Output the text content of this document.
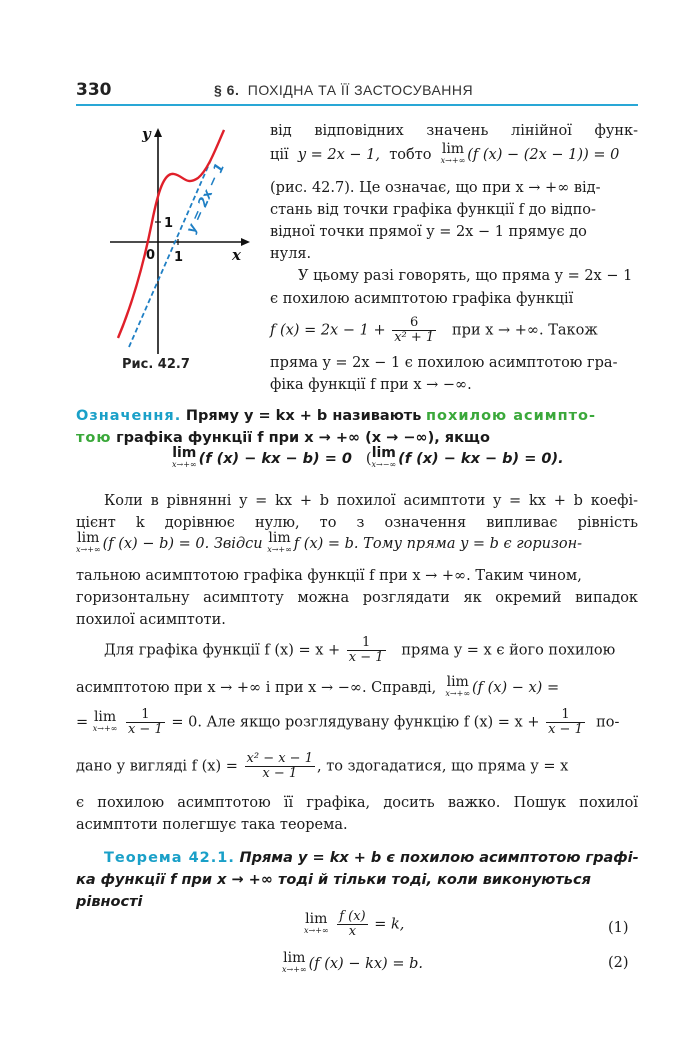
330	§ 6. ПОХІДНА ТА ЇЇ ЗАСТОСУВАННЯ
y
x
0 1
1 y = 2x − 1
Рис. 42.7
від відповідних значень лінійної функ-
ції y = 2x − 1, тобто lim
x→+∞ (f (x) − (2x − 1)) = 0
(рис. 42.7). Це означає, що при x → +∞ від-
стань від точки графіка функції f до відпо-
відної точки прямої y = 2x − 1 прямує до
нуля.
У цьому разі говорять, що пряма y = 2x − 1
є похилою асимптотою графіка функції
f $(x) = 2x - 1 + \frac{6}{\text{x² + 1}}$ при x → +∞. Також
пряма y = 2x − 1 є похилою асимптотою гра-
фіка функції f при x → −∞.
Означення. Пряму y = kx + b називають похилою асимпто-
тою графіка функції f при x → +∞ (x → −∞), якщо
lim
x→+∞ (f (x) − kx − b) = 0   ( lim
x→−∞ (f (x) − kx − b) = 0).
Коли в рівнянні y = kx + b похилої асимптоти y = kx + b коефі-
цієнт k дорівнює нулю, то з означення випливає рівність
lim
x→+∞ (f (x) − b) = 0. Звідси lim
x→+∞ f (x) = b. Тому пряма y = b є горизон-
тальною асимптотою графіка функції f при x → +∞. Таким чином,
горизонтальну асимптоту можна розглядати як окремий випадок
похилої асимптоти.
Для графіка функції f $(x) = x + \frac{1}{x - 1}$ пряма y = x є його похилою
асимптотою при x → +∞ і при x → −∞. Справді, lim
x→+∞ (f (x) − x) =
= lim
x→+∞
$\frac{1}{x - 1} = 0$. Але якщо розглядувану функцію f $(x) = x + \frac{1}{x - 1} по-$
дано у вигляді f $(x) = \frac{\text{x² − x − 1}}{x - 1}$ , то здогадатися, що пряма y = x
є похилою асимптотою її графіка, досить важко. Пошук похилої
асимптоти полегшує така теорема.
Теорема 42.1. Пряма y = kx + b є похилою асимптотою графі-
ка функції f при x → +∞ тоді й тільки тоді, коли виконуються
рівності
lim
x→+∞
$\frac{f (x)}{x} = k$,	(1)
lim
x→+∞ (f (x) − kx) = b.	(2)
